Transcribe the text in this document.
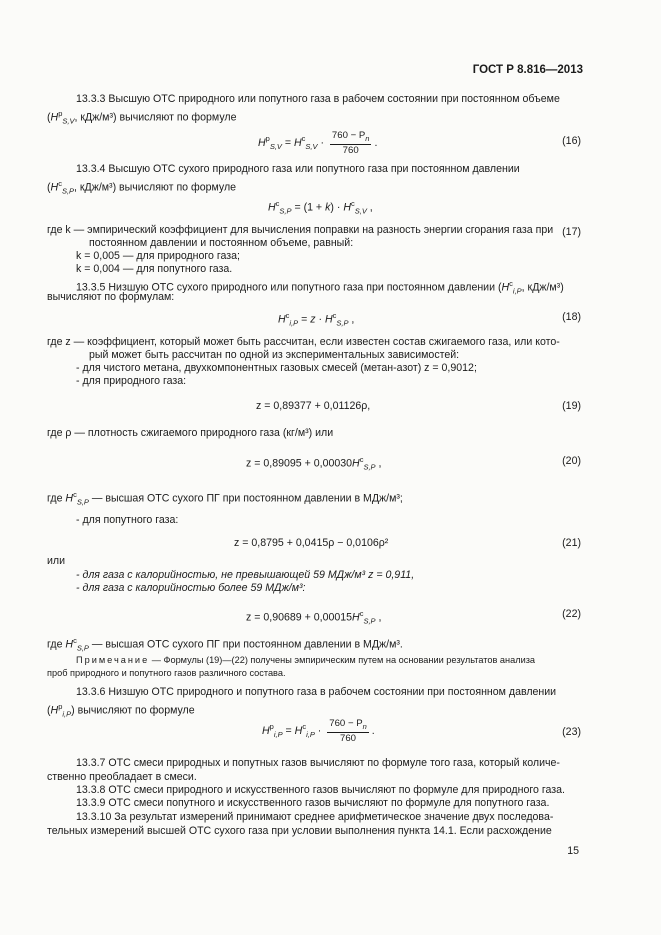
ГОСТ Р 8.816—2013
13.3.3 Высшую ОТС природного или попутного газа в рабочем состоянии при постоянном объеме
($H^p_{S,V}$, кДж/м³) вычисляют по формуле
$H^p_{S,V} = H^c_{S,V} \cdot \frac{760 - P_n}{760}$ .	(16)
13.3.4 Высшую ОТС сухого природного газа или попутного газа при постоянном давлении
($H^c_{S,P}$, кДж/м³) вычисляют по формуле
$H^c_{S,P} = (1 + k) \cdot H^c_{S,V}$ ,
(17)
где k — эмпирический коэффициент для вычисления поправки на разность энергии сгорания газа при
постоянном давлении и постоянном объеме, равный:
k = 0,005 — для природного газа;
k = 0,004 — для попутного газа.
13.3.5 Низшую ОТС сухого природного или попутного газа при постоянном давлении ($H^c_{i,P}$, кДж/м³)
вычисляют по формулам:
$H^c_{i,P} = z \cdot H^c_{S,P}$ ,	(18)
где z — коэффициент, который может быть рассчитан, если известен состав сжигаемого газа, или кото-
рый может быть рассчитан по одной из экспериментальных зависимостей:
- для чистого метана, двухкомпонентных газовых смесей (метан-азот) z = 0,9012;
- для природного газа:
z = 0,89377 + 0,01126ρ,	(19)
где ρ — плотность сжигаемого природного газа (кг/м³) или
$z = 0,89095 + 0,00030H^c_{S,P}$ ,	(20)
где $H^c_{S,P}$ — высшая ОТС сухого ПГ при постоянном давлении в МДж/м³;
- для попутного газа:
z = 0,8795 + 0,0415ρ − 0,0106ρ²	(21)
или
- для газа с калорийностью, не превышающей 59 МДж/м³ z = 0,911,
- для газа с калорийностью более 59 МДж/м³:
$z = 0,90689 + 0,00015H^c_{S,P}$ ,	(22)
где $H^c_{S,P}$ — высшая ОТС сухого ПГ при постоянном давлении в МДж/м³.
Примечание — Формулы (19)—(22) получены эмпирическим путем на основании результатов анализа
проб природного и попутного газов различного состава.
13.3.6 Низшую ОТС природного и попутного газа в рабочем состоянии при постоянном давлении
$(H^p_{i,P})$ вычисляют по формуле
$H^p_{i,P} = H^c_{i,P} \cdot \frac{760 - P_n}{760}$ .	(23)
13.3.7 ОТС смеси природных и попутных газов вычисляют по формуле того газа, который количе-
ственно преобладает в смеси.
13.3.8 ОТС смеси природного и искусственного газов вычисляют по формуле для природного газа.
13.3.9 ОТС смеси попутного и искусственного газов вычисляют по формуле для попутного газа.
13.3.10 За результат измерений принимают среднее арифметическое значение двух последова-
тельных измерений высшей ОТС сухого газа при условии выполнения пункта 14.1. Если расхождение
15
